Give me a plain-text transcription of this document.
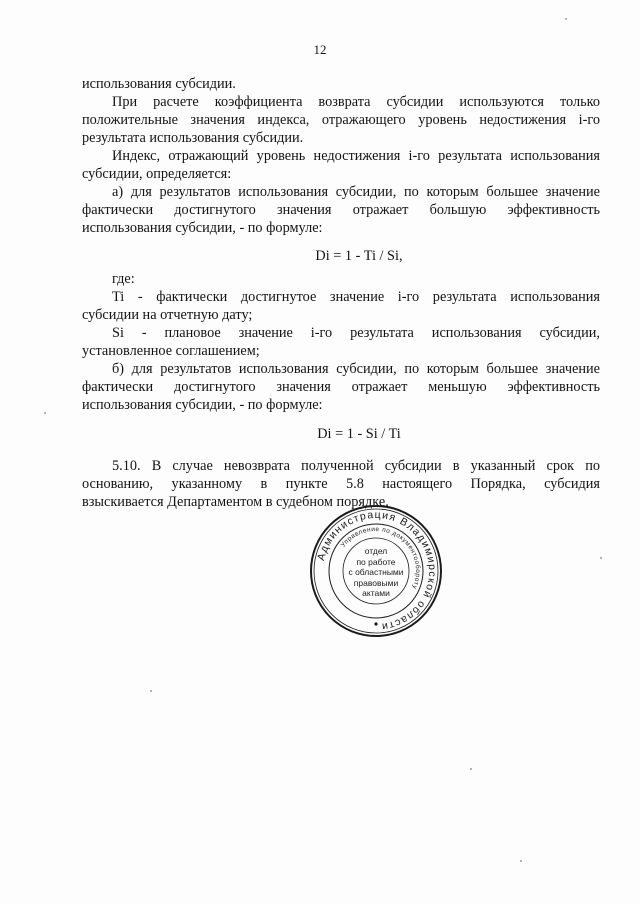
12
использования субсидии.
При расчете коэффициента возврата субсидии используются только
положительные значения индекса, отражающего уровень недостижения i-го
результата использования субсидии.
Индекс, отражающий уровень недостижения i-го результата использования
субсидии, определяется:
а) для результатов использования субсидии, по которым большее значение
фактически достигнутого значения отражает большую эффективность
использования субсидии, - по формуле:
Di = 1 - Ti / Si,
где:
Ti - фактически достигнутое значение i-го результата использования
субсидии на отчетную дату;
Si - плановое значение i-го результата использования субсидии,
установленное соглашением;
б) для результатов использования субсидии, по которым большее значение
фактически достигнутого значения отражает меньшую эффективность
использования субсидии, - по формуле:
Di = 1 - Si / Ti
5.10. В случае невозврата полученной субсидии в указанный срок по
основанию, указанному в пункте 5.8 настоящего Порядка, субсидия
взыскивается Департаментом в судебном порядке.
Администрация Владимирской области
Управление по документообороту
отдел
по работе
с областными
правовыми
актами
